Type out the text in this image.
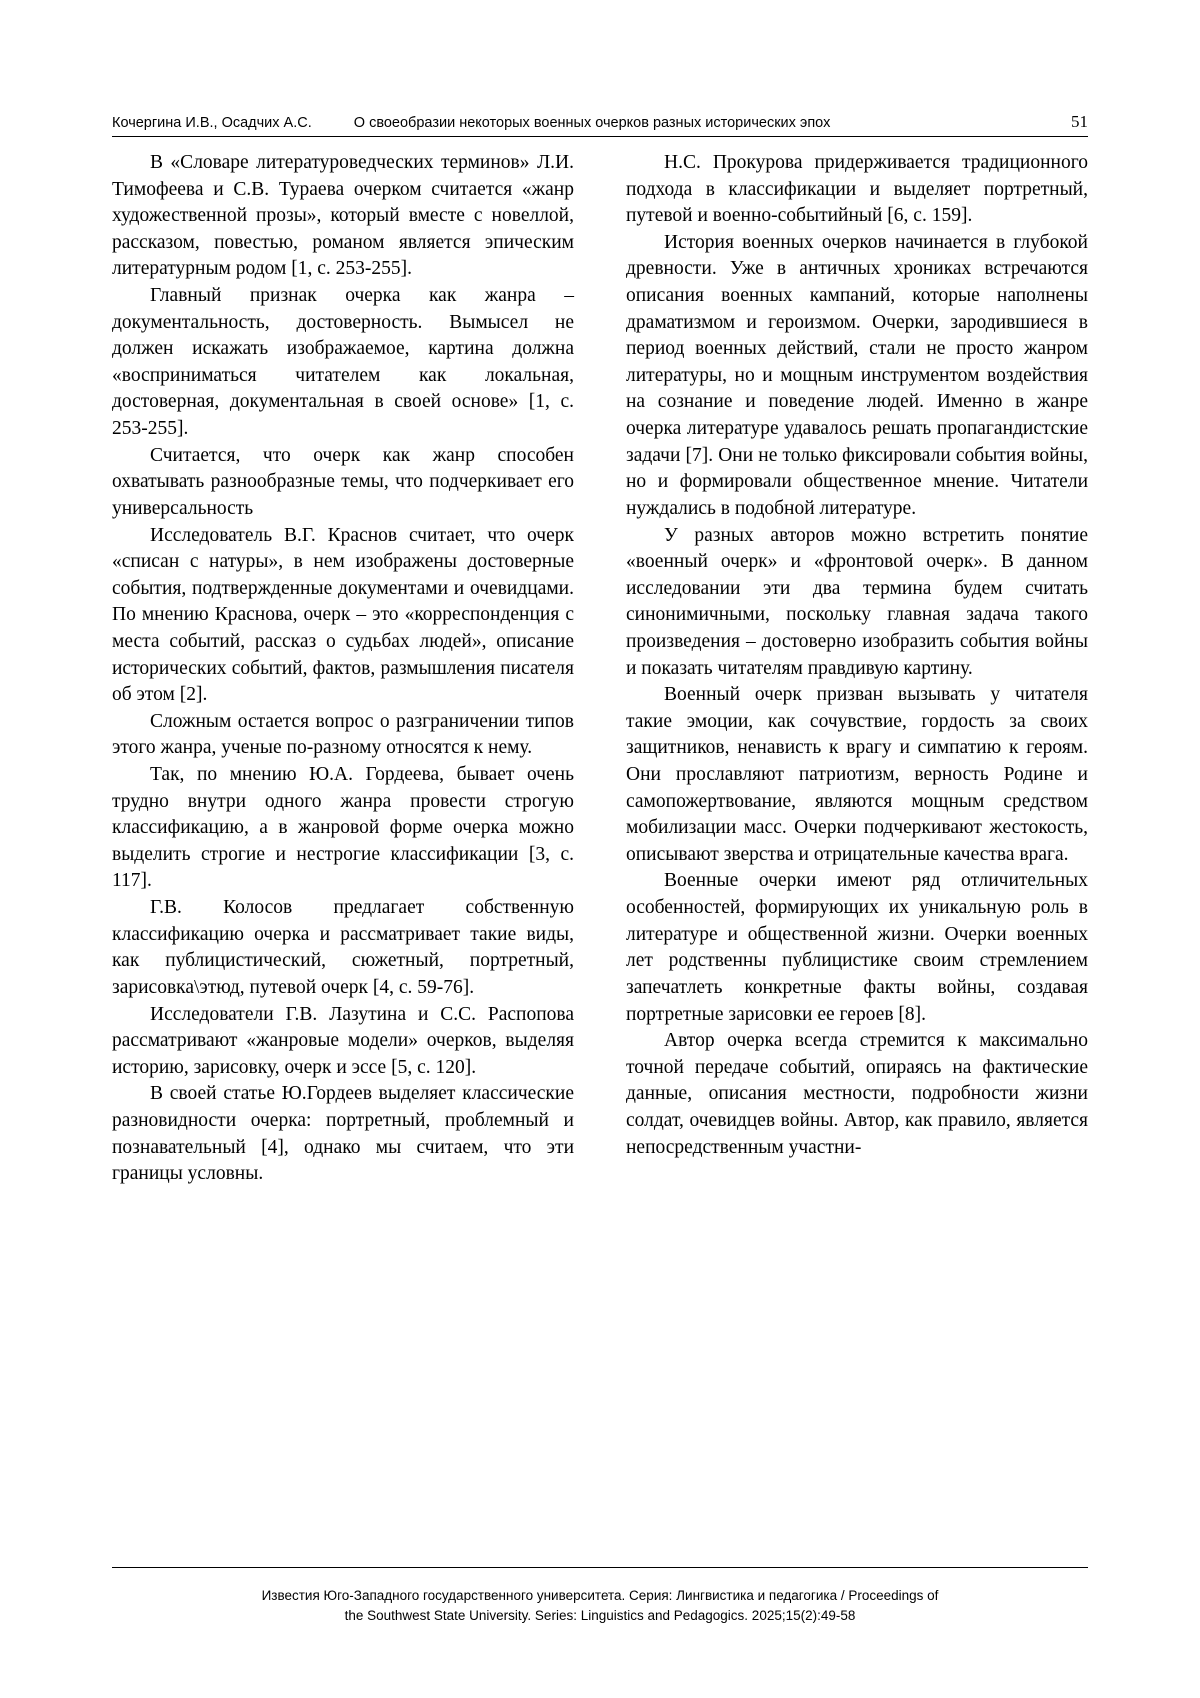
Кочергина И.В., Осадчих А.С.	О своеобразии некоторых военных очерков разных исторических эпох	51

В «Словаре литературоведческих терминов» Л.И. Тимофеева и С.В. Тураева очерком считается «жанр художественной прозы», который вместе с новеллой, рассказом, повестью, романом является эпическим литературным родом [1, с. 253-255].

Главный признак очерка как жанра – документальность, достоверность. Вымысел не должен искажать изображаемое, картина должна «восприниматься читателем как локальная, достоверная, документальная в своей основе» [1, с. 253-255].

Считается, что очерк как жанр способен охватывать разнообразные темы, что подчеркивает его универсальность

Исследователь В.Г. Краснов считает, что очерк «списан с натуры», в нем изображены достоверные события, подтвержденные документами и очевидцами. По мнению Краснова, очерк – это «корреспонденция с места событий, рассказ о судьбах людей», описание исторических событий, фактов, размышления писателя об этом [2].

Сложным остается вопрос о разграничении типов этого жанра, ученые по-разному относятся к нему.

Так, по мнению Ю.А. Гордеева, бывает очень трудно внутри одного жанра провести строгую классификацию, а в жанровой форме очерка можно выделить строгие и нестрогие классификации [3, с. 117].

Г.В. Колосов предлагает собственную классификацию очерка и рассматривает такие виды, как публицистический, сюжетный, портретный, зарисовка\этюд, путевой очерк [4, с. 59-76].

Исследователи Г.В. Лазутина и С.С. Распопова рассматривают «жанровые модели» очерков, выделяя историю, зарисовку, очерк и эссе [5, с. 120].

В своей статье Ю.Гордеев выделяет классические разновидности очерка: портретный, проблемный и познавательный [4], однако мы считаем, что эти границы условны.

Н.С. Прокурова придерживается традиционного подхода в классификации и выделяет портретный, путевой и военно-событийный [6, с. 159].

История военных очерков начинается в глубокой древности. Уже в античных хрониках встречаются описания военных кампаний, которые наполнены драматизмом и героизмом. Очерки, зародившиеся в период военных действий, стали не просто жанром литературы, но и мощным инструментом воздействия на сознание и поведение людей. Именно в жанре очерка литературе удавалось решать пропагандистские задачи [7]. Они не только фиксировали события войны, но и формировали общественное мнение. Читатели нуждались в подобной литературе.

У разных авторов можно встретить понятие «военный очерк» и «фронтовой очерк». В данном исследовании эти два термина будем считать синонимичными, поскольку главная задача такого произведения – достоверно изобразить события войны и показать читателям правдивую картину.

Военный очерк призван вызывать у читателя такие эмоции, как сочувствие, гордость за своих защитников, ненависть к врагу и симпатию к героям. Они прославляют патриотизм, верность Родине и самопожертвование, являются мощным средством мобилизации масс. Очерки подчеркивают жестокость, описывают зверства и отрицательные качества врага.

Военные очерки имеют ряд отличительных особенностей, формирующих их уникальную роль в литературе и общественной жизни. Очерки военных лет родственны публицистике своим стремлением запечатлеть конкретные факты войны, создавая портретные зарисовки ее героев [8].

Автор очерка всегда стремится к максимально точной передаче событий, опираясь на фактические данные, описания местности, подробности жизни солдат, очевидцев войны. Автор, как правило, является непосредственным участни-

Известия Юго-Западного государственного университета. Серия: Лингвистика и педагогика / Proceedings of
the Southwest State University. Series: Linguistics and Pedagogics. 2025;15(2):49-58
